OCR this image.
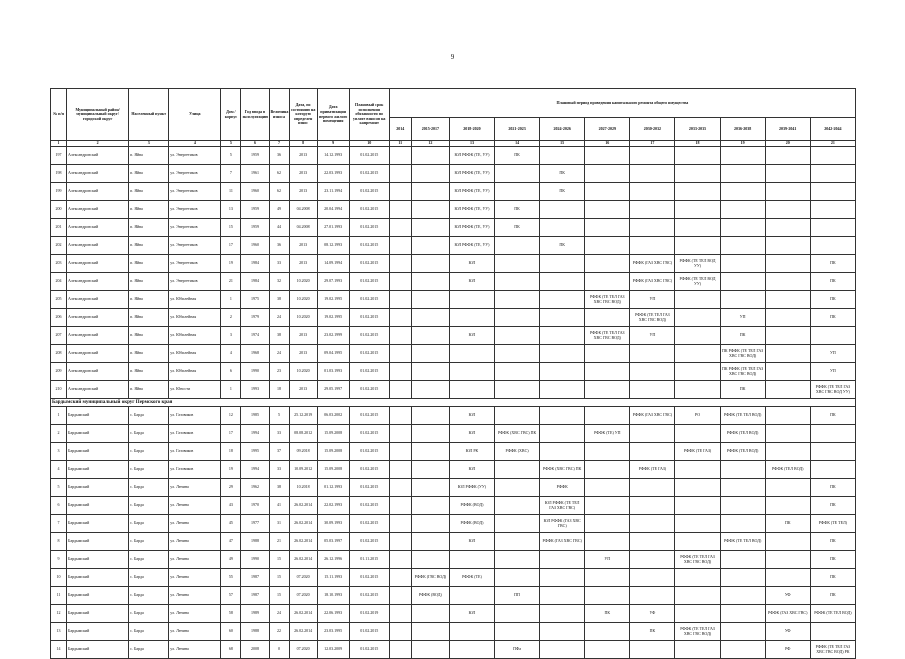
9
№ п/п	Муниципальный район/муниципальный округ/городской округ	Населенный пункт	Улица	Дом / корпус	Год ввода в эксплуатацию	Величина износа	Дата, по состоянию на которую определен износ	Дата приватизации первого жилого помещения	Плановый срок исполнения обязанности по уплате взносов на капремонт	Плановый период проведения капитального ремонта общего имущества										
										2014	2015-2017	2018-2020	2021-2023	2024-2026	2027-2029	2030-2032	2033-2035	2036-2038	2039-2041	2042-2044
1	2	3	4	5	6	7	8	9	10	11	12	13	14	15	16	17	18	19	20	21
197	Александровский	п. Яйва	ул. Энергетиков	5	1959	36	2013	14.12.1993	01.02.2015			ЮЛ РФФК (ТЕ, УУ)	ПК							
198	Александровский	п. Яйва	ул. Энергетиков	7	1961	62	2013	22.03.1993	01.02.2015			ЮЛ РФФК (ТЕ, УУ)		ПК						
199	Александровский	п. Яйва	ул. Энергетиков	11	1960	62	2013	23.11.1994	01.02.2015			ЮЛ РФФК (ТЕ, УУ)		ПК						
200	Александровский	п. Яйва	ул. Энергетиков	13	1959	49	04.2008	20.04.1994	01.02.2015			ЮЛ РФФК (ТЕ, УУ)	ПК							
201	Александровский	п. Яйва	ул. Энергетиков	15	1959	44	04.2008	27.01.1993	01.02.2015			ЮЛ РФФК (ТЕ, УУ)	ПК							
202	Александровский	п. Яйва	ул. Энергетиков	17	1960	36	2013	08.12.1993	01.02.2015			ЮЛ РФФК (ТЕ, УУ)		ПК						
203	Александровский	п. Яйва	ул. Энергетиков	19	1984	33	2013	14.09.1994	01.02.2015			ЮЛ				РФФК (ГАЗ ХВС ГВС)	РФФК (ТЕ ТЕЛ ВОД УУ)			ПК
204	Александровский	п. Яйва	ул. Энергетиков	21	1984	32	10.2020	29.07.1993	01.02.2015			ЮЛ				РФФК (ГАЗ ХВС ГВС)	РФФК (ТЕ ТЕЛ ВОД УУ)			ПК
205	Александровский	п. Яйва	ул. Юбилейная	1	1975	38	10.2020	19.02.1995	01.02.2015						РФФК (ТЕ ТЕЛ ГАЗ ХВС ГВС ВОД)	УП				ПК
206	Александровский	п. Яйва	ул. Юбилейная	2	1979	24	10.2020	19.02.1995	01.02.2015							РФФК (ТЕ ТЕЛ ГАЗ ХВС ГВС ВОД)		УП		ПК
207	Александровский	п. Яйва	ул. Юбилейная	3	1974	38	2013	23.02.1999	01.02.2015			ЮЛ			РФФК (ТЕ ТЕЛ ГАЗ ХВС ГВС ВОД)	УП		ПК		
208	Александровский	п. Яйва	ул. Юбилейная	4	1968	24	2013	09.04.1995	01.02.2015									ПК РФФК (ТЕ ТЕЛ ГАЗ ХВС ГВС ВОД)		УП
209	Александровский	п. Яйва	ул. Юбилейная	6	1990	23	10.2020	01.03.1993	01.02.2015									ПК РФФК (ТЕ ТЕЛ ГАЗ ХВС ГВС ВОД)		УП
210	Александровский	п. Яйва	ул. Юности	1	1993	18	2013	29.05.1997	01.02.2015									ПК		РФФК (ТЕ ТЕЛ ГАЗ ХВС ГВС ВОД УУ)
Бардымский муниципальный округ Пермского края																				
1	Бардымский	с. Барда	ул. Газовиков	12	1985	5	25.12.2019	06.03.2002	01.02.2015			ЮЛ				РФФК (ГАЗ ХВС ГВС)	РО	РФФК (ТЕ ТЕЛ ВОД)		ПК
2	Бардымский	с. Барда	ул. Газовиков	17	1994	33	08.08.2012	15.09.2008	01.02.2015			ЮЛ	РФФК (ХВС ГВС) ПК		РФФК (ТЕ) УП			РФФК (ТЕЛ ВОД)		
3	Бардымский	с. Барда	ул. Газовиков	18	1995	37	09.2018	15.09.2008	01.02.2015			ЮЛ РК	РФФК (ХВС)				РФФК (ТЕ ГАЗ)	РФФК (ТЕЛ ВОД)		
4	Бардымский	с. Барда	ул. Газовиков	19	1994	33	10.09.2012	15.09.2008	01.02.2015			ЮЛ		РФФК (ХВС ГВС) ПК		РФФК (ТЕ ГАЗ)			РФФК (ТЕЛ ВОД)	
5	Бардымский	с. Барда	ул. Ленина	29	1962	38	10.2018	01.12.1993	01.02.2015			ЮЛ РФФК (УУ)		РФФК						ПК
6	Бардымский	с. Барда	ул. Ленина	43	1970	41	26.02.2014	22.02.1993	01.02.2015			РФФК (ВОД)		ЮЛ РФФК (ТЕ ТЕЛ ГАЗ ХВС ГВС)						ПК
7	Бардымский	с. Барда	ул. Ленина	45	1977	31	26.02.2014	30.09.1993	01.02.2015			РФФК (ВОД)		ЮЛ РФФК (ГАЗ ХВС ГВС)					ПК	РФФК (ТЕ ТЕЛ)
8	Бардымский	с. Барда	ул. Ленина	47	1988	21	26.02.2014	05.03.1997	01.02.2015			ЮЛ		РФФК (ГАЗ ХВС ГВС)				РФФК (ТЕ ТЕЛ ВОД)		ПК
9	Бардымский	с. Барда	ул. Ленина	49	1990	15	26.02.2014	26.12.1996	01.11.2015						УП		РФФК (ТЕ ТЕЛ ГАЗ ХВС ГВС ВОД)			ПК
10	Бардымский	с. Барда	ул. Ленина	55	1987	15	07.2020	15.11.1993	01.02.2015		РФФК (ГВС ВОД)	РФФК (ТЕ)								ПК
11	Бардымский	с. Барда	ул. Ленина	57	1987	15	07.2020	18.10.1993	01.02.2015		РФФК (ВОД)		ПП						УФ	ПК
12	Бардымский	с. Барда	ул. Ленина	58	1989	24	26.02.2014	22.06.1993	01.02.2019			ЮЛ			ПК	УФ			РФФК (ГАЗ ХВС ГВС)	РФФК (ТЕ ТЕЛ ВОД)
13	Бардымский	с. Барда	ул. Ленина	60	1988	22	26.02.2014	23.03.1995	01.02.2015							ПК	РФФК (ТЕ ТЕЛ ГАЗ ХВС ГВС ВОД)		УФ	
14	Бардымский	с. Барда	ул. Ленина	68	2008	0	07.2020	12.03.2009	01.02.2015				ПФа						РФ	РФФК (ТЕ ТЕЛ ГАЗ ХВС ГВС ВОД) РК
